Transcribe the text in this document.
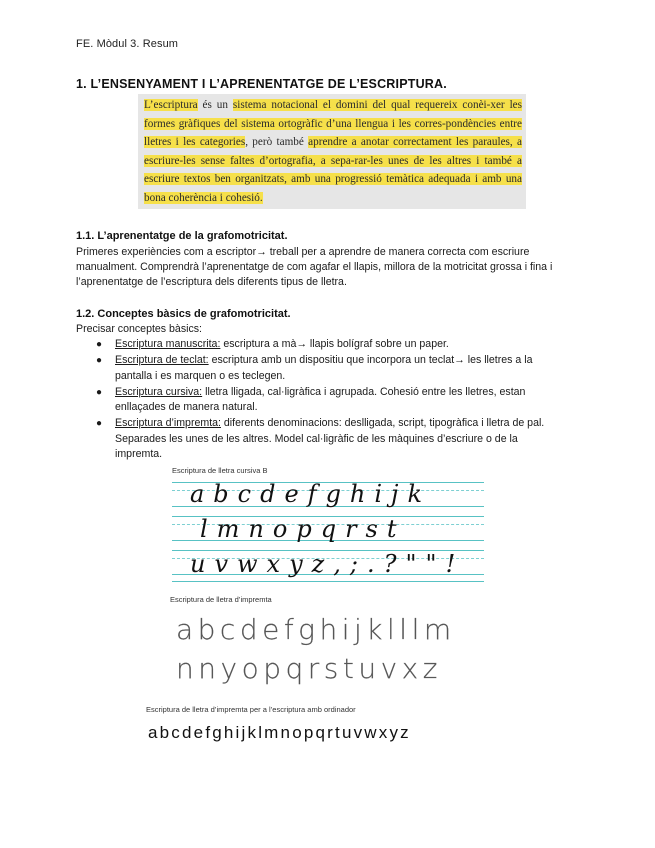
FE. Mòdul 3. Resum
1. L’ENSENYAMENT I L’APRENENTATGE DE L’ESCRIPTURA.
L’escriptura és un sistema notacional el domini del qual requereix conèi-xer les formes gràfiques del sistema ortogràfic d’una llengua i les corres-pondències entre lletres i les categories, però també aprendre a anotar correctament les paraules, a escriure-les sense faltes d’ortografia, a sepa-rar-les unes de les altres i també a escriure textos ben organitzats, amb una progressió temàtica adequada i amb una bona coherència i cohesió.
1.1. L’aprenentatge de la grafomotricitat.
Primeres experiències com a escriptor→ treball per a aprendre de manera correcta com escriure manualment. Comprendrà l’aprenentatge de com agafar el llapis, millora de la motricitat grossa i fina i l’aprenentatge de l’escriptura dels diferents tipus de lletra.
1.2. Conceptes bàsics de grafomotricitat.
Precisar conceptes bàsics:
● Escriptura manuscrita: escriptura a mà→ llapis bolígraf sobre un paper.
● Escriptura de teclat: escriptura amb un dispositiu que incorpora un teclat→ les lletres a la pantalla i es marquen o es teclegen.
● Escriptura cursiva: lletra lligada, cal·ligràfica i agrupada. Cohesió entre les lletres, estan enllaçades de manera natural.
● Escriptura d’impremta: diferents denominacions: deslligada, script, tipogràfica i lletra de pal. Separades les unes de les altres. Model cal·ligràfic de les màquines d’escriure o de la impremta.
Escriptura de lletra cursiva B
abcdefghijk
lmnopqrst
uvwxyz,;.?""!
Escriptura de lletra d’impremta
abcdefghijklllm
nnyopqrstuvxz
Escriptura de lletra d’impremta per a l’escriptura amb ordinador
abcdefghijklmnopqrtuvwxyz
